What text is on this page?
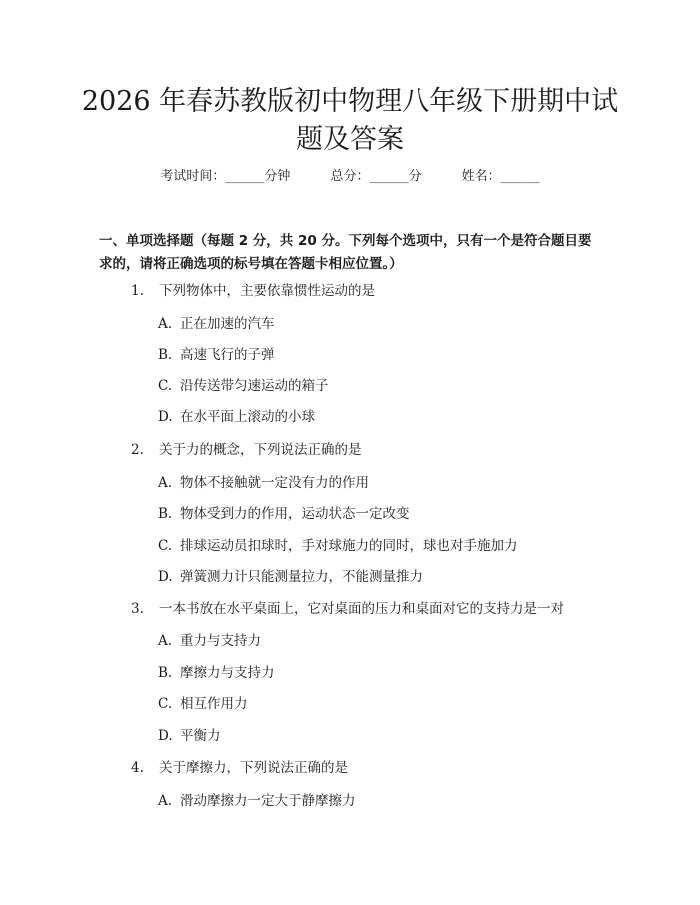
2026 年春苏教版初中物理八年级下册期中试
题及答案
考试时间：______分钟	总分：______分	姓名：______
一、单项选择题（每题 2 分，共 20 分。下列每个选项中，只有一个是符合题目要
求的，请将正确选项的标号填在答题卡相应位置。）
1. 下列物体中，主要依靠惯性运动的是
A. 正在加速的汽车
B. 高速飞行的子弹
C. 沿传送带匀速运动的箱子
D. 在水平面上滚动的小球
2. 关于力的概念，下列说法正确的是
A. 物体不接触就一定没有力的作用
B. 物体受到力的作用，运动状态一定改变
C. 排球运动员扣球时，手对球施力的同时，球也对手施加力
D. 弹簧测力计只能测量拉力，不能测量推力
3. 一本书放在水平桌面上，它对桌面的压力和桌面对它的支持力是一对
A. 重力与支持力
B. 摩擦力与支持力
C. 相互作用力
D. 平衡力
4. 关于摩擦力，下列说法正确的是
A. 滑动摩擦力一定大于静摩擦力
